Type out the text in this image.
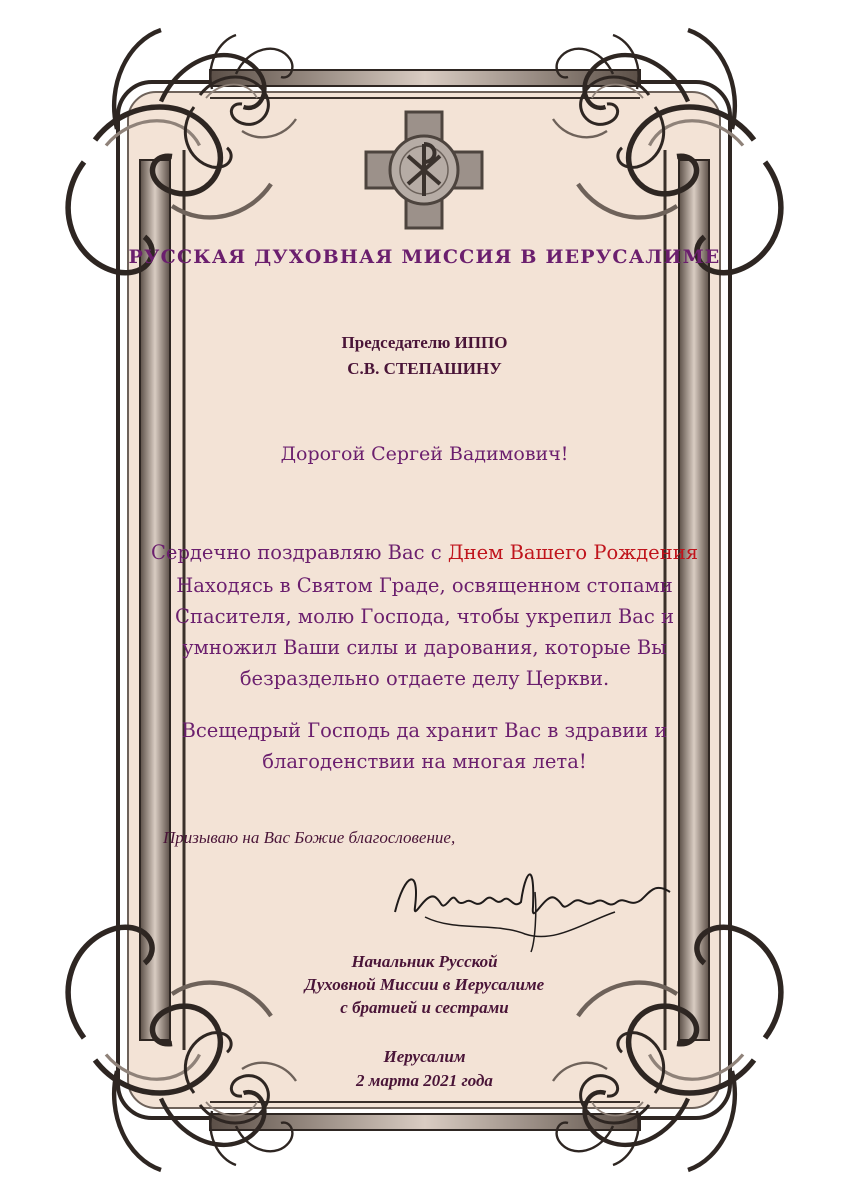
РУССКАЯ ДУХОВНАЯ МИССИЯ В ИЕРУСАЛИМЕ
Председателю ИППО
С.В. СТЕПАШИНУ
Дорогой Сергей Вадимович!
Сердечно поздравляю Вас с Днем Вашего Рождения
Находясь в Святом Граде, освященном стопами
Спасителя, молю Господа, чтобы укрепил Вас и
умножил Ваши силы и дарования, которые Вы
безраздельно отдаете делу Церкви.
Всещедрый Господь да хранит Вас в здравии и
благоденствии на многая лета!
Призываю на Вас Божие благословение,
Начальник Русской
Духовной Миссии в Иерусалиме
с братией и сестрами
Иерусалим
2 марта 2021 года
